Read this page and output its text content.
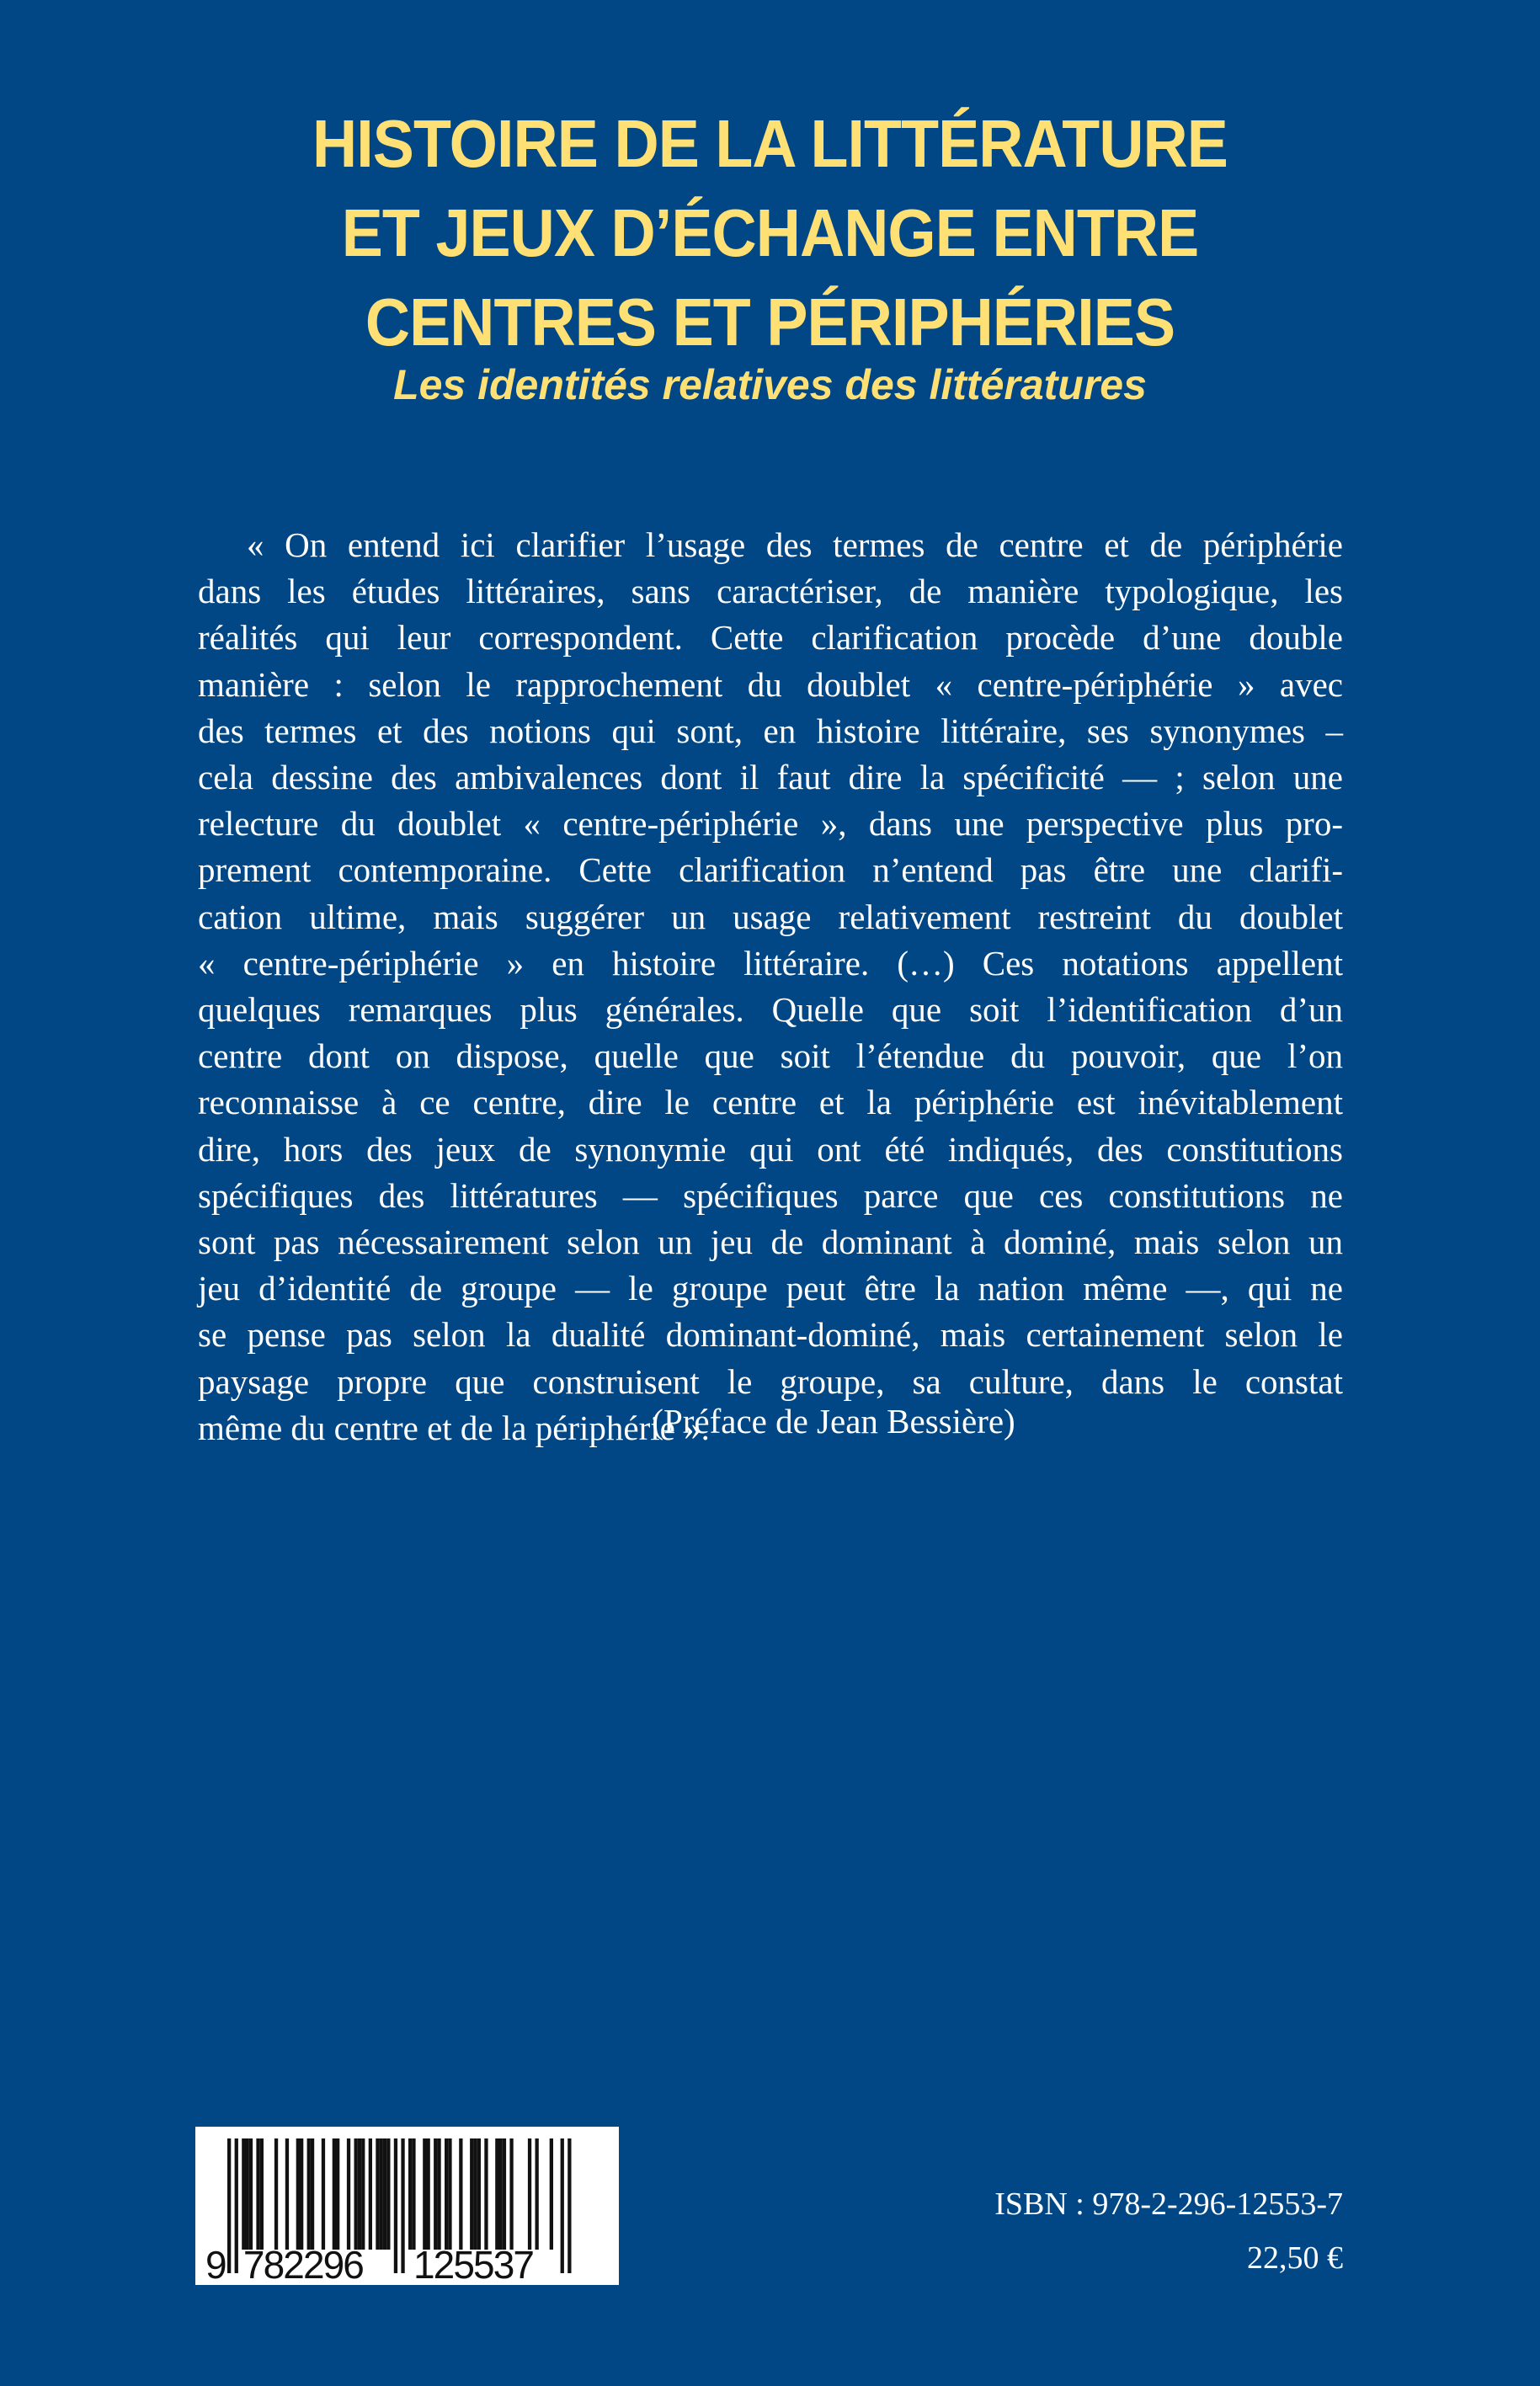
HISTOIRE DE LA LITTÉRATURE
ET JEUX D’ÉCHANGE ENTRE
CENTRES ET PÉRIPHÉRIES
Les identités relatives des littératures
« On entend ici clarifier l’usage des termes de centre et de périphérie
dans les études littéraires, sans caractériser, de manière typologique, les
réalités qui leur correspondent. Cette clarification procède d’une double
manière : selon le rapprochement du doublet « centre-périphérie » avec
des termes et des notions qui sont, en histoire littéraire, ses synonymes –
cela dessine des ambivalences dont il faut dire la spécificité — ; selon une
relecture du doublet « centre-périphérie », dans une perspective plus pro-
prement contemporaine. Cette clarification n’entend pas être une clarifi-
cation ultime, mais suggérer un usage relativement restreint du doublet
« centre-périphérie » en histoire littéraire. (…) Ces notations appellent
quelques remarques plus générales. Quelle que soit l’identification d’un
centre dont on dispose, quelle que soit l’étendue du pouvoir, que l’on
reconnaisse à ce centre, dire le centre et la périphérie est inévitablement
dire, hors des jeux de synonymie qui ont été indiqués, des constitutions
spécifiques des littératures — spécifiques parce que ces constitutions ne
sont pas nécessairement selon un jeu de dominant à dominé, mais selon un
jeu d’identité de groupe — le groupe peut être la nation même —, qui ne
se pense pas selon la dualité dominant-dominé, mais certainement selon le
paysage propre que construisent le groupe, sa culture, dans le constat
même du centre et de la périphérie ».
(Préface de Jean Bessière)
9 782296 125537
ISBN : 978-2-296-12553-7
22,50 €
